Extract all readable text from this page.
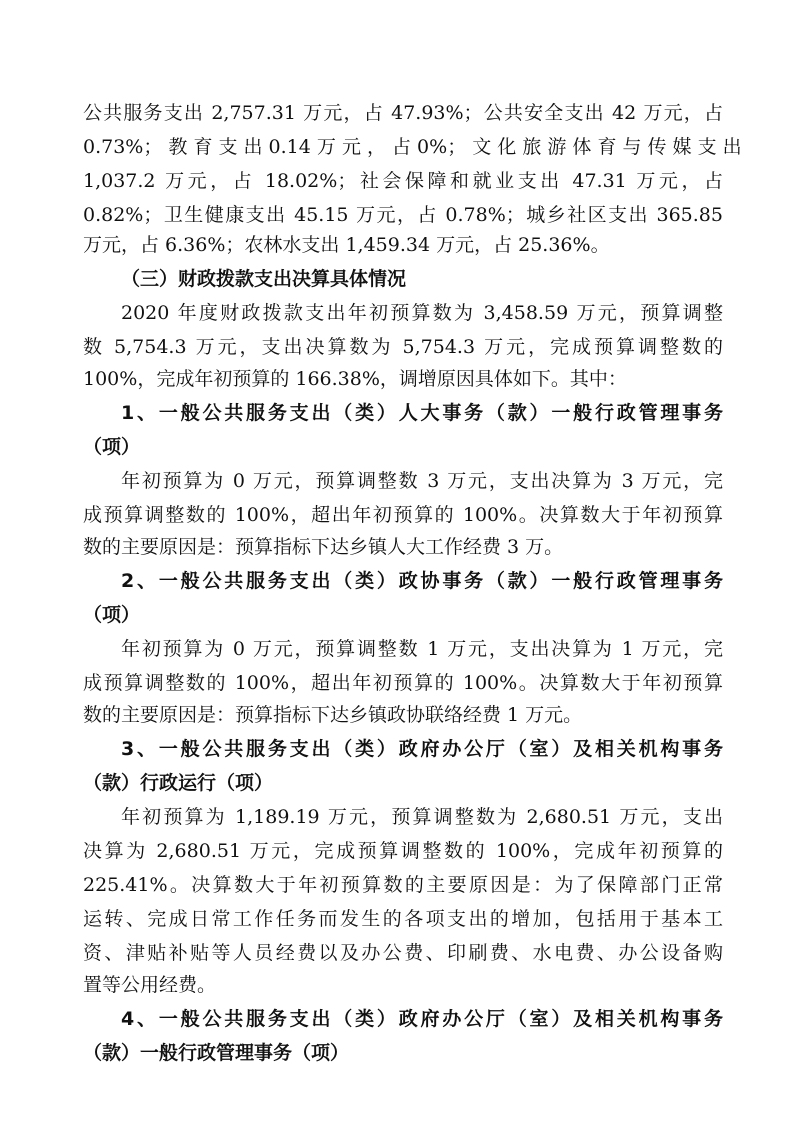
公共服务支出 2,757.31 万元，占 47.93%；公共安全支出 42 万元，占
0.73%； 教 育 支 出 0.14 万 元 ， 占 0%； 文 化 旅 游 体 育 与 传 媒 支 出
1,037.2 万元，占 18.02%；社会保障和就业支出 47.31 万元，占
0.82%；卫生健康支出 45.15 万元，占 0.78%；城乡社区支出 365.85
万元，占 6.36%；农林水支出 1,459.34 万元，占 25.36%。
（三）财政拨款支出决算具体情况
2020 年度财政拨款支出年初预算数为 3,458.59 万元，预算调整
数 5,754.3 万元，支出决算数为 5,754.3 万元，完成预算调整数的
100%，完成年初预算的 166.38%，调增原因具体如下。其中：
1、一般公共服务支出（类）人大事务（款）一般行政管理事务
（项）
年初预算为 0 万元，预算调整数 3 万元，支出决算为 3 万元，完
成预算调整数的 100%，超出年初预算的 100%。决算数大于年初预算
数的主要原因是：预算指标下达乡镇人大工作经费 3 万。
2、一般公共服务支出（类）政协事务（款）一般行政管理事务
（项）
年初预算为 0 万元，预算调整数 1 万元，支出决算为 1 万元，完
成预算调整数的 100%，超出年初预算的 100%。决算数大于年初预算
数的主要原因是：预算指标下达乡镇政协联络经费 1 万元。
3、一般公共服务支出（类）政府办公厅（室）及相关机构事务
（款）行政运行（项）
年初预算为 1,189.19 万元，预算调整数为 2,680.51 万元，支出
决算为 2,680.51 万元，完成预算调整数的 100%，完成年初预算的
225.41%。决算数大于年初预算数的主要原因是：为了保障部门正常
运转、完成日常工作任务而发生的各项支出的增加，包括用于基本工
资、津贴补贴等人员经费以及办公费、印刷费、水电费、办公设备购
置等公用经费。
4、一般公共服务支出（类）政府办公厅（室）及相关机构事务
（款）一般行政管理事务（项）
